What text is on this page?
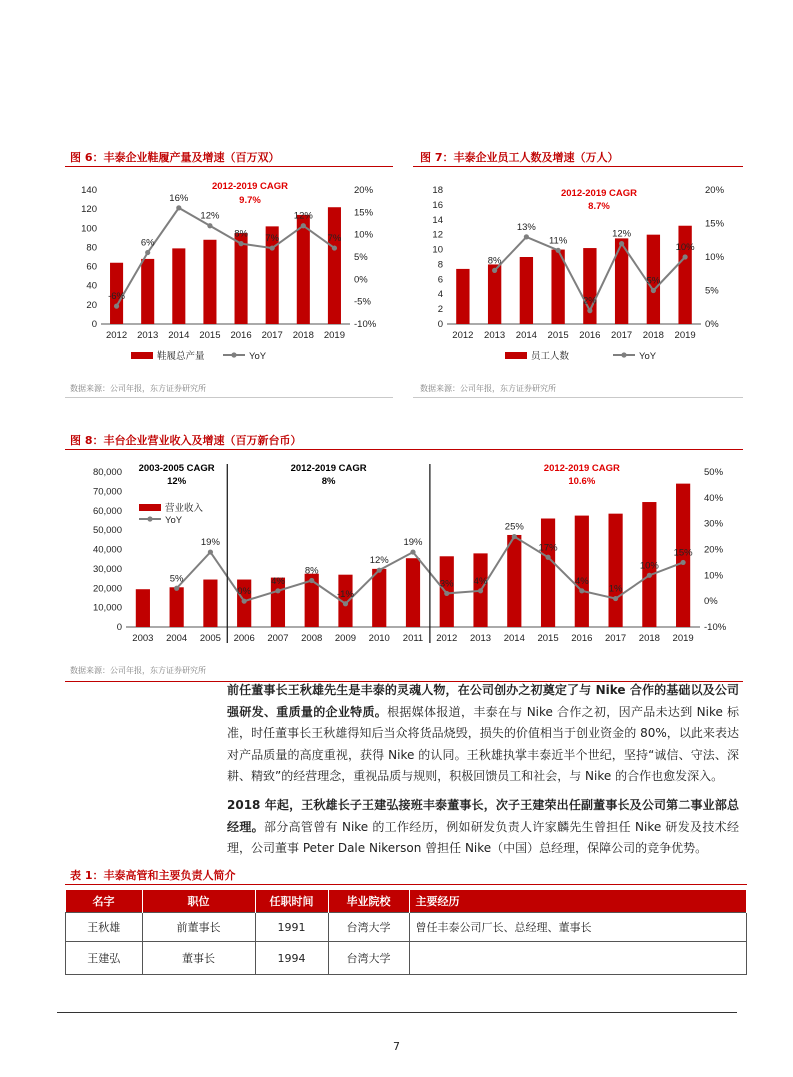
图 6：丰泰企业鞋履产量及增速（百万双）
0
20
40
60
80
100
120
140
-10%
-5%
0%
5%
10%
15%
20%
2012 2013 2014 2015 2016 2017 2018 2019
-6%
6%
16%
12%
8% 7%
12%
7%
鞋履总产量	YoY
2012-2019 CAGR
9.7%
数据来源：公司年报，东方证券研究所
图 7：丰泰企业员工人数及增速（万人）
0
2
4
6
8
10
12
14
16
18
0%
5%
10%
15%
20%
2012 2013 2014 2015 2016 2017 2018 2019
8%
13%
11%
2%
12%
5%
10%
员工人数	YoY
2012-2019 CAGR
8.7%
数据来源：公司年报，东方证券研究所
图 8：丰台企业营业收入及增速（百万新台币）
0
10,000
20,000
30,000
40,000
50,000
60,000
70,000
80,000
-10%
0%
10%
20%
30%
40%
50%
2003 2004 2005 2006 2007 2008 2009 2010 2011 2012 2013 2014 2015 2016 2017 2018 2019
5%
19%
0%
4%
8%
-1%
12%
19%
3% 4%
25%
17%
4%
1%
10%
15%
营业收入
YoY
2003-2005 CAGR
12%
2012-2019 CAGR
8%
2012-2019 CAGR
10.6%
数据来源：公司年报，东方证券研究所

前任董事长王秋雄先生是丰泰的灵魂人物，在公司创办之初奠定了与 Nike 合作的基础以及公司强研发、重质量的企业特质。根据媒体报道，丰泰在与 Nike 合作之初，因产品未达到 Nike 标准，时任董事长王秋雄得知后当众将货品烧毁，损失的价值相当于创业资金的 80%，以此来表达对产品质量的高度重视，获得 Nike 的认同。王秋雄执掌丰泰近半个世纪，坚持“诚信、守法、深耕、精致”的经营理念，重视品质与规则，积极回馈员工和社会，与 Nike 的合作也愈发深入。

2018 年起，王秋雄长子王建弘接班丰泰董事长，次子王建荣出任副董事长及公司第二事业部总经理。部分高管曾有 Nike 的工作经历，例如研发负责人许家麟先生曾担任 Nike 研发及技术经理，公司董事 Peter Dale Nikerson 曾担任 Nike（中国）总经理，保障公司的竞争优势。

表 1：丰泰高管和主要负责人简介
名字	职位	任职时间	毕业院校	主要经历
王秋雄	前董事长	1991	台湾大学	曾任丰泰公司厂长、总经理、董事长
王建弘	董事长	1994	台湾大学	
7
